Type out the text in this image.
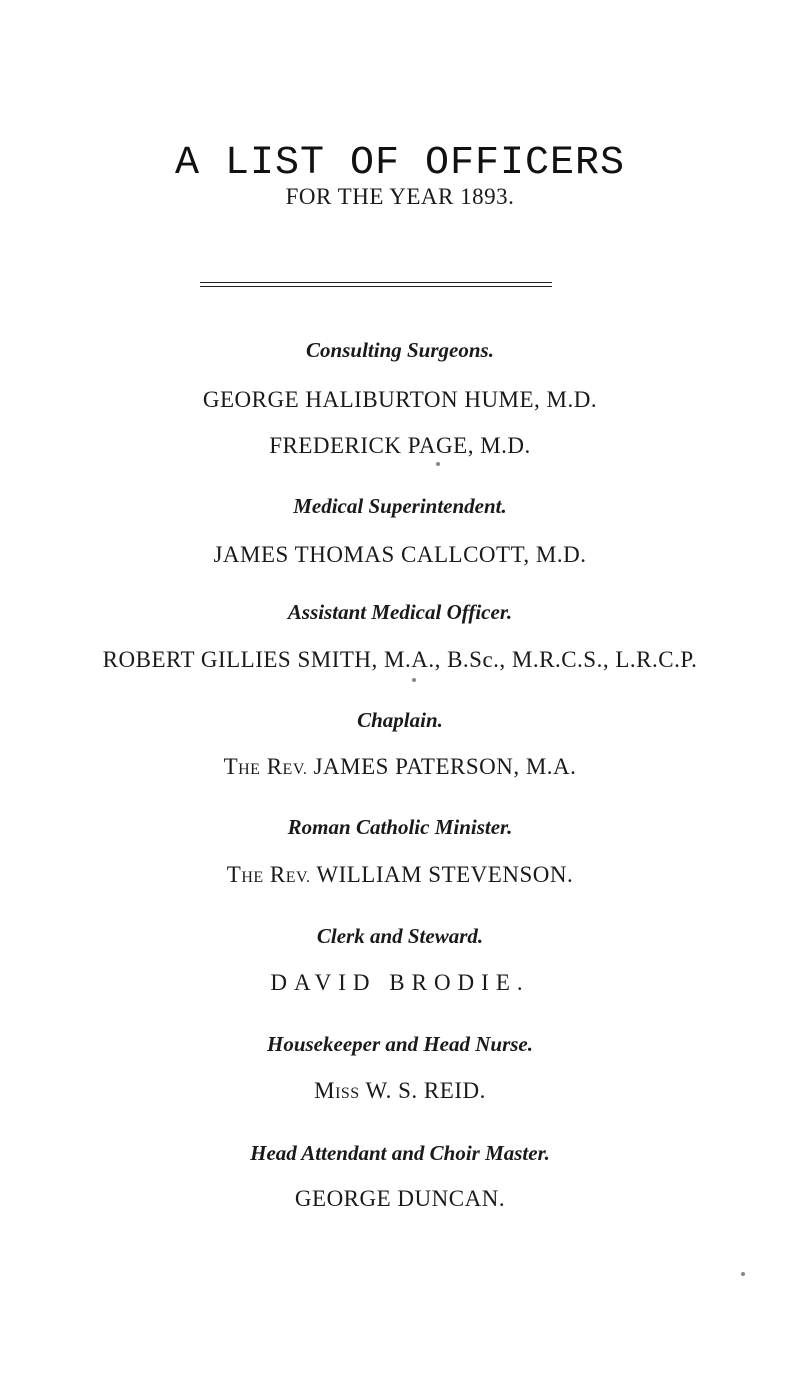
A LIST OF OFFICERS
FOR THE YEAR 1893.
Consulting Surgeons.
GEORGE HALIBURTON HUME, M.D.
FREDERICK PAGE, M.D.
Medical Superintendent.
JAMES THOMAS CALLCOTT, M.D.
Assistant Medical Officer.
ROBERT GILLIES SMITH, M.A., B.Sc., M.R.C.S., L.R.C.P.
Chaplain.
THE REV. JAMES PATERSON, M.A.
Roman Catholic Minister.
THE REV. WILLIAM STEVENSON.
Clerk and Steward.
DAVID BRODIE.
Housekeeper and Head Nurse.
MISS W. S. REID.
Head Attendant and Choir Master.
GEORGE DUNCAN.
